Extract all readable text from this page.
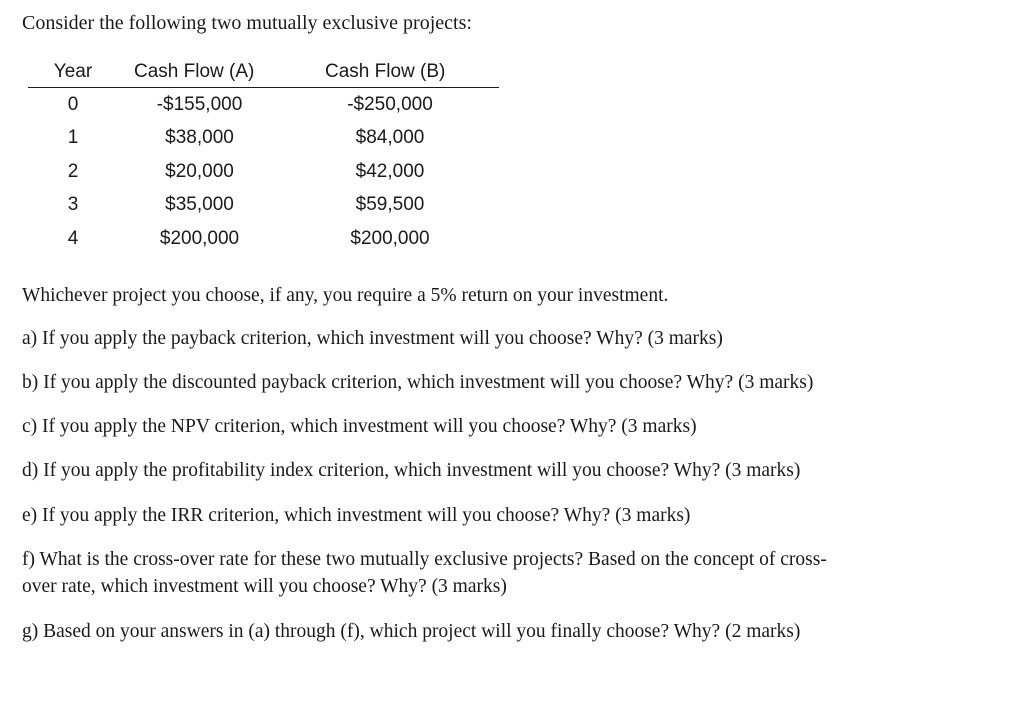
Consider the following two mutually exclusive projects:
Year	Cash Flow (A)	Cash Flow (B)
0	-$155,000	-$250,000
1	$38,000	$84,000
2	$20,000	$42,000
3	$35,000	$59,500
4	$200,000	$200,000
Whichever project you choose, if any, you require a 5% return on your investment.
a) If you apply the payback criterion, which investment will you choose? Why? (3 marks)
b) If you apply the discounted payback criterion, which investment will you choose? Why? (3 marks)
c) If you apply the NPV criterion, which investment will you choose? Why? (3 marks)
d) If you apply the profitability index criterion, which investment will you choose? Why? (3 marks)
e) If you apply the IRR criterion, which investment will you choose? Why? (3 marks)
f) What is the cross-over rate for these two mutually exclusive projects? Based on the concept of cross-
over rate, which investment will you choose? Why? (3 marks)
g) Based on your answers in (a) through (f), which project will you finally choose? Why? (2 marks)
